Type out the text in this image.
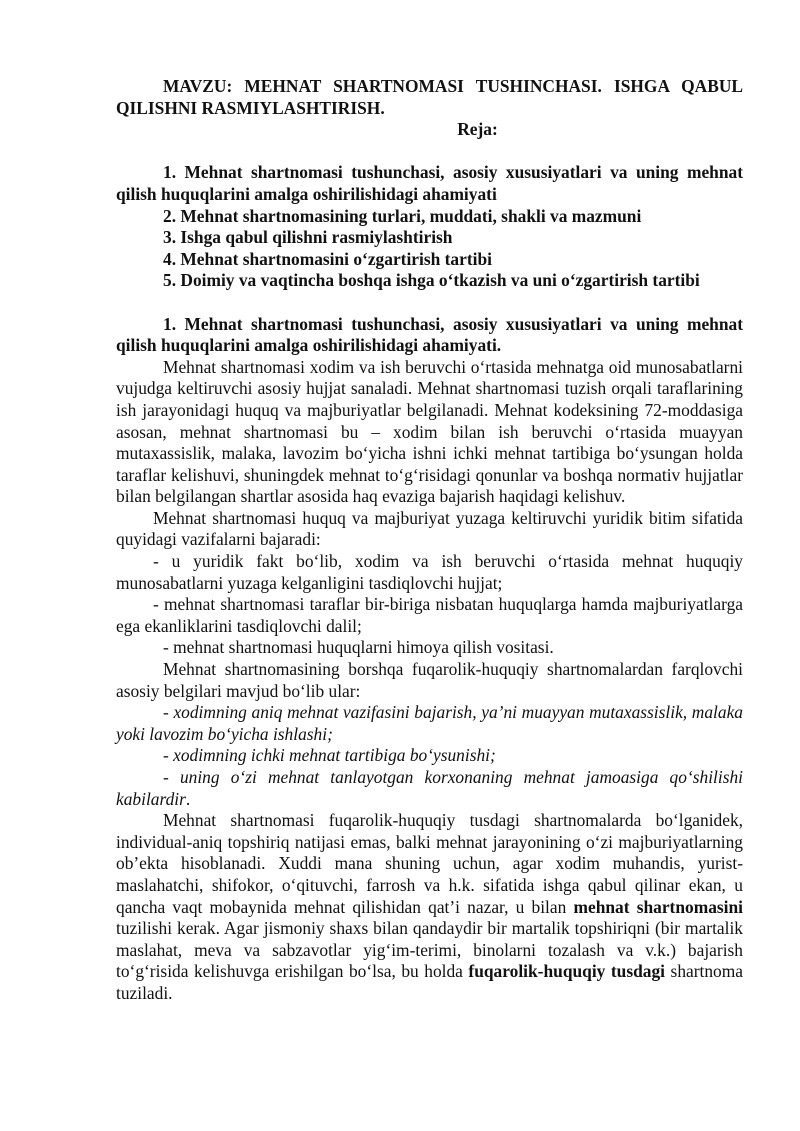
MAVZU: MEHNAT SHARTNOMASI TUSHINCHASI. ISHGA QABUL QILISHNI RASMIYLASHTIRISH.

Reja:

1. Mehnat shartnomasi tushunchasi, asosiy xususiyatlari va uning mehnat qilish huquqlarini amalga oshirilishidagi ahamiyati

2. Mehnat shartnomasining turlari, muddati, shakli va mazmuni

3. Ishga qabul qilishni rasmiylashtirish

4. Mehnat shartnomasini o‘zgartirish tartibi

5. Doimiy va vaqtincha boshqa ishga o‘tkazish va uni o‘zgartirish tartibi

1. Mehnat shartnomasi tushunchasi, asosiy xususiyatlari va uning mehnat qilish huquqlarini amalga oshirilishidagi ahamiyati.

Mehnat shartnomasi xodim va ish beruvchi o‘rtasida mehnatga oid munosabatlarni vujudga keltiruvchi asosiy hujjat sanaladi. Mehnat shartnomasi tuzish orqali taraflarining ish jarayonidagi huquq va majburiyatlar belgilanadi. Mehnat kodeksining 72-moddasiga asosan, mehnat shartnomasi bu – xodim bilan ish beruvchi o‘rtasida muayyan mutaxassislik, malaka, lavozim bo‘yicha ishni ichki mehnat tartibiga bo‘ysungan holda taraflar kelishuvi, shuningdek mehnat to‘g‘risidagi qonunlar va boshqa normativ hujjatlar bilan belgilangan shartlar asosida haq evaziga bajarish haqidagi kelishuv.

Mehnat shartnomasi huquq va majburiyat yuzaga keltiruvchi yuridik bitim sifatida quyidagi vazifalarni bajaradi:

- u yuridik fakt bo‘lib, xodim va ish beruvchi o‘rtasida mehnat huquqiy munosabatlarni yuzaga kelganligini tasdiqlovchi hujjat;

- mehnat shartnomasi taraflar bir-biriga nisbatan huquqlarga hamda majburiyatlarga ega ekanliklarini tasdiqlovchi dalil;

- mehnat shartnomasi huquqlarni himoya qilish vositasi.

Mehnat shartnomasining borshqa fuqarolik-huquqiy shartnomalardan farqlovchi asosiy belgilari mavjud bo‘lib ular:

- xodimning aniq mehnat vazifasini bajarish, ya’ni muayyan mutaxassislik, malaka yoki lavozim bo‘yicha ishlashi;

- xodimning ichki mehnat tartibiga bo‘ysunishi;

- uning o‘zi mehnat tanlayotgan korxonaning mehnat jamoasiga qo‘shilishi kabilardir.

Mehnat shartnomasi fuqarolik-huquqiy tusdagi shartnomalarda bo‘lganidek, individual-aniq topshiriq natijasi emas, balki mehnat jarayonining o‘zi majburiyatlarning ob’ekta hisoblanadi. Xuddi mana shuning uchun, agar xodim muhandis, yurist-maslahatchi, shifokor, o‘qituvchi, farrosh va h.k. sifatida ishga qabul qilinar ekan, u qancha vaqt mobaynida mehnat qilishidan qat’i nazar, u bilan mehnat shartnomasini tuzilishi kerak. Agar jismoniy shaxs bilan qandaydir bir martalik topshiriqni (bir martalik maslahat, meva va sabzavotlar yig‘im-terimi, binolarni tozalash va v.k.) bajarish to‘g‘risida kelishuvga erishilgan bo‘lsa, bu holda fuqarolik-huquqiy tusdagi shartnoma tuziladi.
